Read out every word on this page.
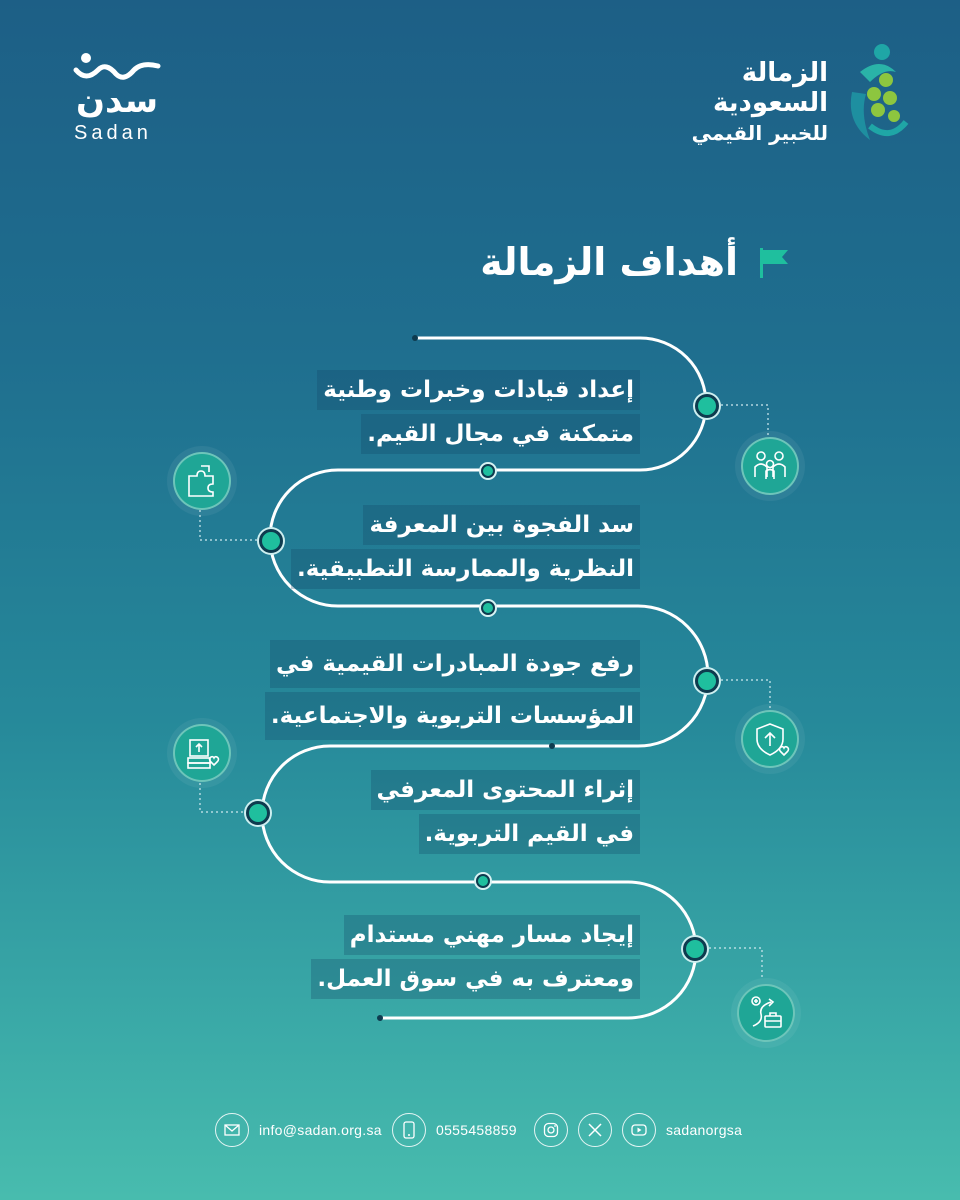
سدن
Sadan
الزمالة
السعودية
للخبير القيمي
أهداف الزمالة
إعداد قيادات وخبرات وطنية
متمكنة في مجال القيم.
سد الفجوة بين المعرفة
النظرية والممارسة التطبيقية.
رفع جودة المبادرات القيمية في
المؤسسات التربوية والاجتماعية.
إثراء المحتوى المعرفي
في القيم التربوية.
إيجاد مسار مهني مستدام
ومعترف به في سوق العمل.
info@sadan.org.sa	0555458859	sadanorgsa
